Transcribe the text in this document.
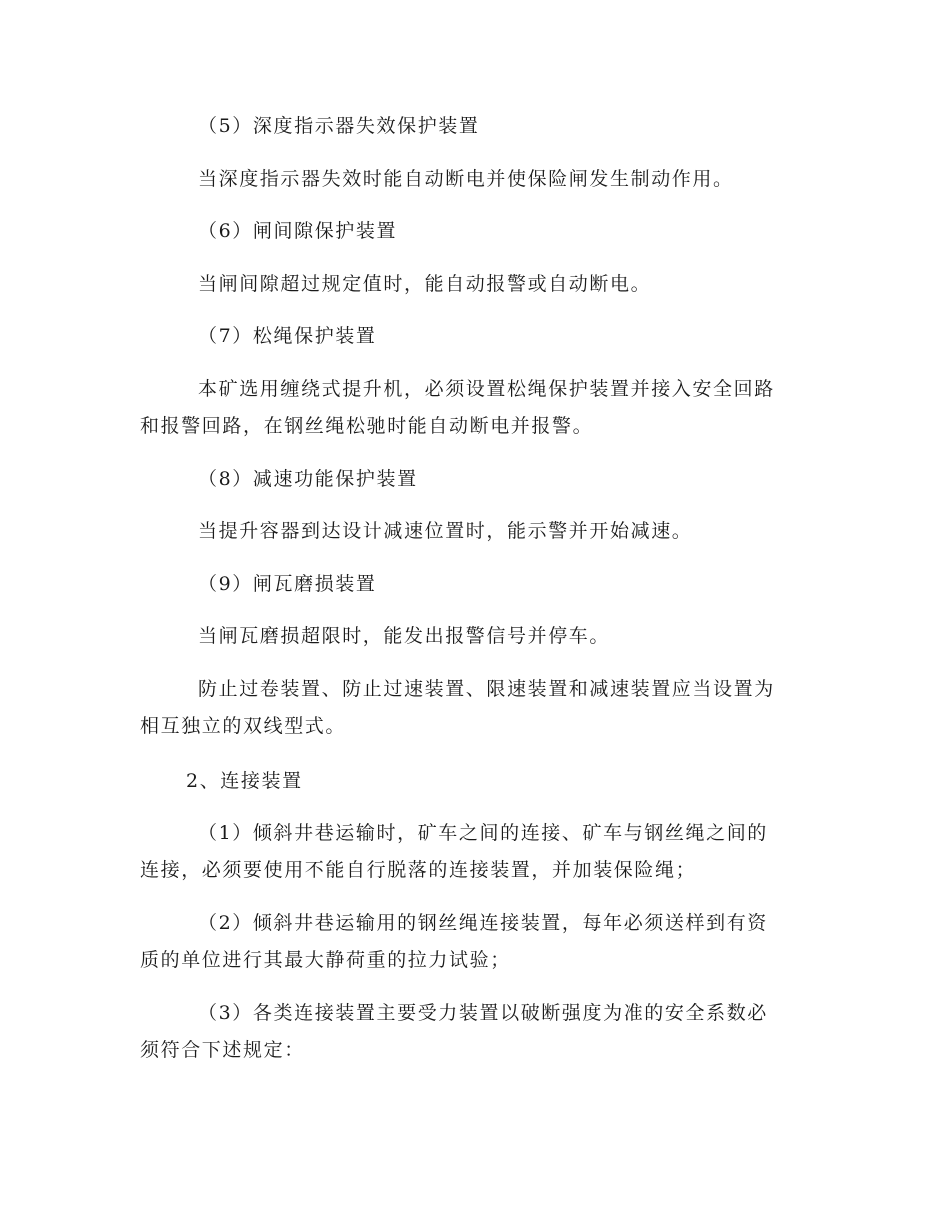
（5）深度指示器失效保护装置
当深度指示器失效时能自动断电并使保险闸发生制动作用。
（6）闸间隙保护装置
当闸间隙超过规定值时，能自动报警或自动断电。
（7）松绳保护装置
本矿选用缠绕式提升机，必须设置松绳保护装置并接入安全回路
和报警回路，在钢丝绳松驰时能自动断电并报警。
（8）减速功能保护装置
当提升容器到达设计减速位置时，能示警并开始减速。
（9）闸瓦磨损装置
当闸瓦磨损超限时，能发出报警信号并停车。
防止过卷装置、防止过速装置、限速装置和减速装置应当设置为
相互独立的双线型式。
2、连接装置
（1）倾斜井巷运输时，矿车之间的连接、矿车与钢丝绳之间的
连接，必须要使用不能自行脱落的连接装置，并加装保险绳；
（2）倾斜井巷运输用的钢丝绳连接装置，每年必须送样到有资
质的单位进行其最大静荷重的拉力试验；
（3）各类连接装置主要受力装置以破断强度为准的安全系数必
须符合下述规定：
